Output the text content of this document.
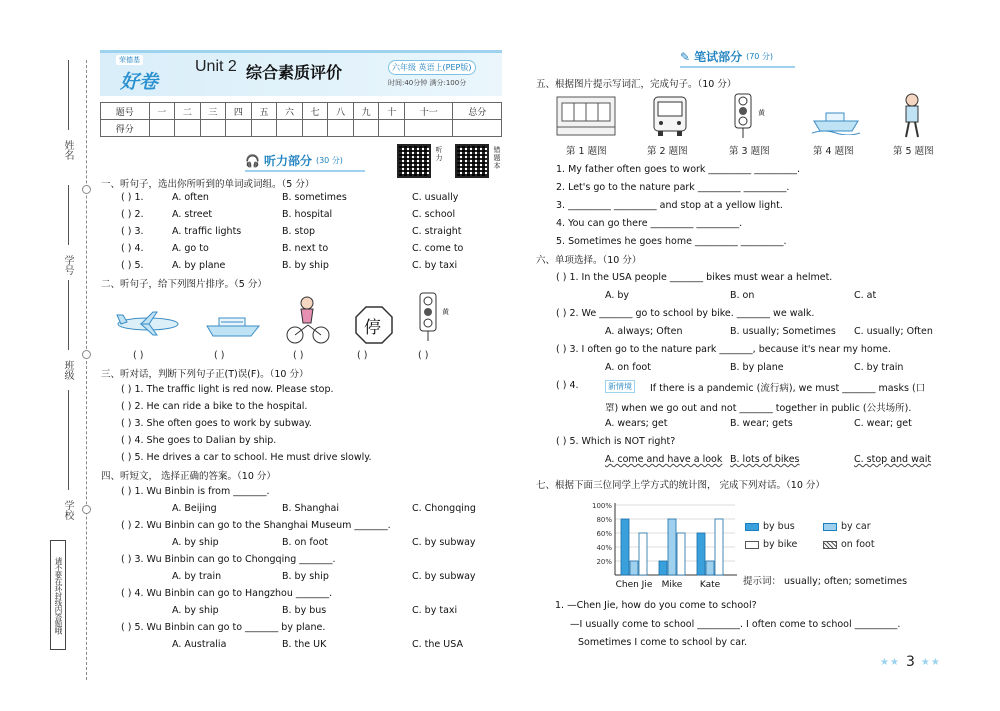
姓名
学号
班级
学校
请不要在环封线内答题哦
荣德基
好卷
Unit 2 综合素质评价	六年级 英语上(PEP版)
时间:40分钟 满分:100分
题号	一	二	三	四	五	六	七	八	九	十	十一	总分
得分												
🎧 听力部分 (30 分)
听力
错题本
一、听句子，选出你所听到的单词或词组。（5 分）
( ) 1.	A. often	B. sometimes	C. usually
( ) 2.	A. street	B. hospital	C. school
( ) 3.	A. traffic lights	B. stop	C. straight
( ) 4.	A. go to	B. next to	C. come to
( ) 5.	A. by plane	B. by ship	C. by taxi
二、听句子，给下列图片排序。（5 分）
停
黄
( )	( )	( )	( )	( )
三、听对话，判断下列句子正(T)误(F)。（10 分）
( ) 1. The traffic light is red now. Please stop.
( ) 2. He can ride a bike to the hospital.
( ) 3. She often goes to work by subway.
( ) 4. She goes to Dalian by ship.
( ) 5. He drives a car to school. He must drive slowly.
四、听短文， 选择正确的答案。（10 分）
( ) 1. Wu Binbin is from _______.
A. Beijing	B. Shanghai	C. Chongqing
( ) 2. Wu Binbin can go to the Shanghai Museum _______.
A. by ship	B. on foot	C. by subway
( ) 3. Wu Binbin can go to Chongqing _______.
A. by train	B. by ship	C. by subway
( ) 4. Wu Binbin can go to Hangzhou _______.
A. by ship	B. by bus	C. by taxi
( ) 5. Wu Binbin can go to _______ by plane.
A. Australia	B. the UK	C. the USA
✎ 笔试部分 (70 分)
五、根据图片提示写词汇，完成句子。（10 分）
黄
第 1 题图	第 2 题图	第 3 题图	第 4 题图	第 5 题图
1. My father often goes to work _________ _________.
2. Let's go to the nature park _________ _________.
3. _________ _________ and stop at a yellow light.
4. You can go there _________ _________.
5. Sometimes he goes home _________ _________.
六、单项选择。（10 分）
( ) 1. In the USA people _______ bikes must wear a helmet.
A. by	B. on	C. at
( ) 2. We _______ go to school by bike. _______ we walk.
A. always; Often	B. usually; Sometimes C. usually; Often
( ) 3. I often go to the nature park _______, because it's near my home.
A. on foot	B. by plane	C. by train
( ) 4.	新情境	If there is a pandemic (流行病), we must _______ masks (口
罩) when we go out and not _______ together in public (公共场所).
A. wears; get	B. wear; gets	C. wear; get
( ) 5. Which is NOT right?
A. come and have a look B. lots of bikes	C. stop and wait
七、根据下面三位同学上学方式的统计图， 完成下列对话。（10 分）
100%
80%
60%
40%
20%
Chen Jie Mike Kate
by bus	by car
by bike	on foot
提示词： usually; often; sometimes
1. —Chen Jie, how do you come to school?
—I usually come to school _________. I often come to school _________.
Sometimes I come to school by car.
★★ 3 ★★
